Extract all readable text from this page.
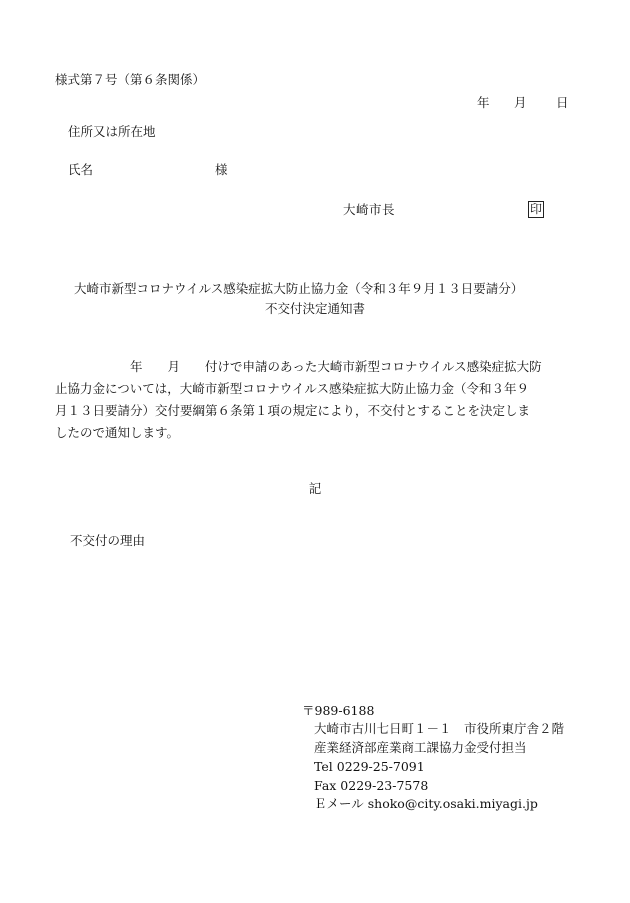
様式第７号（第６条関係）
年 月 日
住所又は所在地
氏名	様
大崎市長	印
大崎市新型コロナウイルス感染症拡大防止協力金（令和３年９月１３日要請分）
不交付決定通知書
　　　　　　年　　月　　付けで申請のあった大崎市新型コロナウイルス感染症拡大防
止協力金については，大崎市新型コロナウイルス感染症拡大防止協力金（令和３年９
月１３日要請分）交付要綱第６条第１項の規定により，不交付とすることを決定しま
したので通知します。
記
不交付の理由
〒989-6188
大崎市古川七日町１－１　市役所東庁舎２階
産業経済部産業商工課協力金受付担当
Tel 0229-25-7091
Fax 0229-23-7578
Ｅメール shoko@city.osaki.miyagi.jp
